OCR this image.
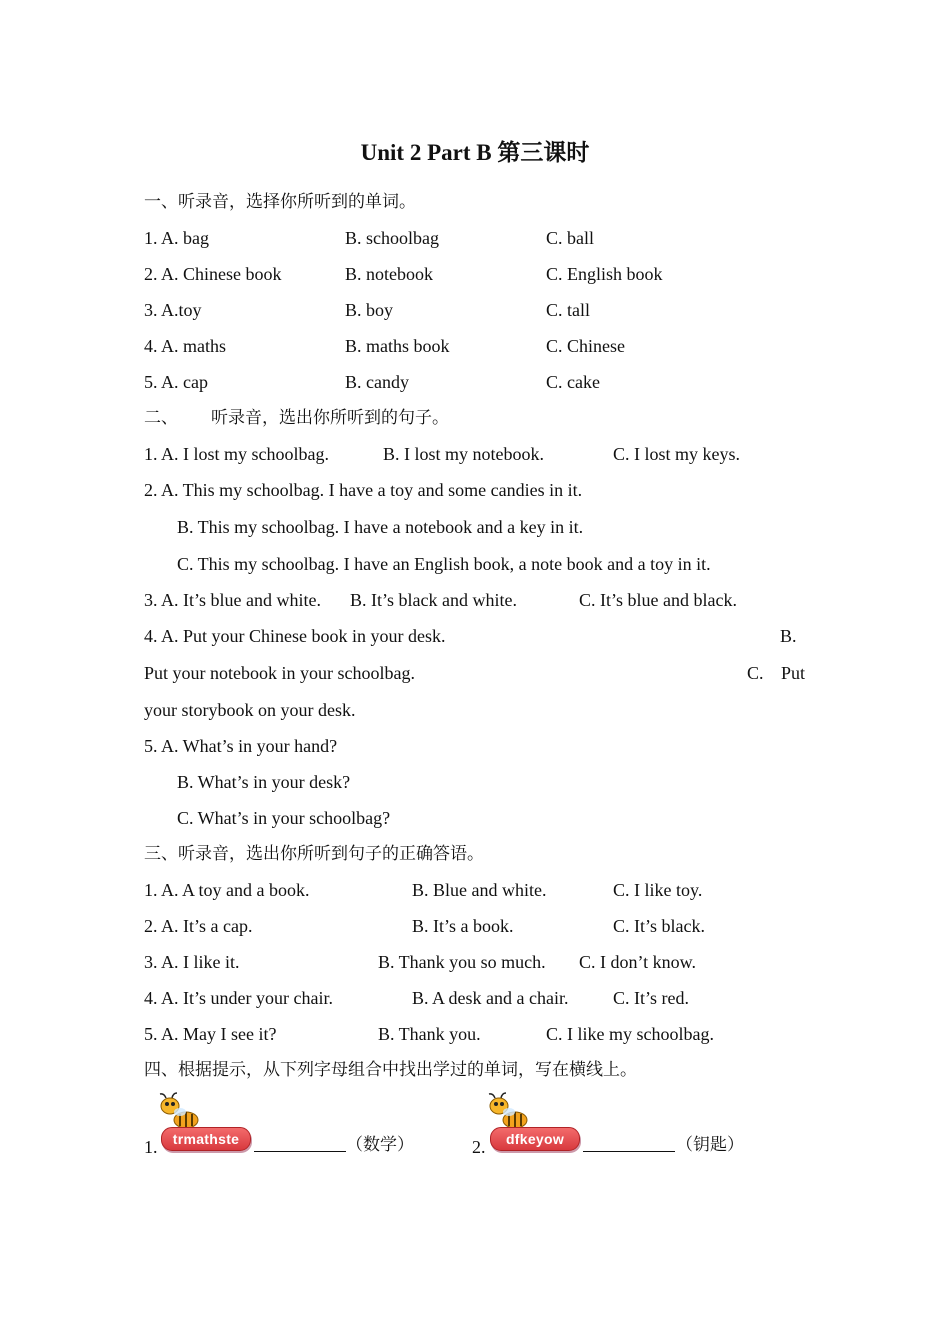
Unit 2 Part B 第三课时
一、听录音，选择你所听到的单词。
1. A. bag	B. schoolbag	C. ball
2. A. Chinese book	B. notebook	C. English book
3. A.toy	B. boy	C. tall
4. A. maths	B. maths book	C. Chinese
5. A. cap	B. candy	C. cake
二、 听录音，选出你所听到的句子。
1. A. I lost my schoolbag.	B. I lost my notebook.	C. I lost my keys.
2. A. This my schoolbag. I have a toy and some candies in it.
B. This my schoolbag. I have a notebook and a key in it.
C. This my schoolbag. I have an English book, a note book and a toy in it.
3. A. It’s blue and white. B. It’s black and white.	C. It’s blue and black.
4. A. Put your Chinese book in your desk.	B.
Put your notebook in your schoolbag.	C. Put
your storybook on your desk.
5. A. What’s in your hand?
B. What’s in your desk?
C. What’s in your schoolbag?
三、听录音，选出你所听到句子的正确答语。
1. A. A toy and a book.	B. Blue and white.	C. I like toy.
2. A. It’s a cap.	B. It’s a book.	C. It’s black.
3. A. I like it.	B. Thank you so much. C. I don’t know.
4. A. It’s under your chair.	B. A desk and a chair. C. It’s red.
5. A. May I see it?	B. Thank you.	C. I like my schoolbag.
四、根据提示，从下列字母组合中找出学过的单词，写在横线上。
1.	trmathste	（数学）	2.	dfkeyow	（钥匙）
